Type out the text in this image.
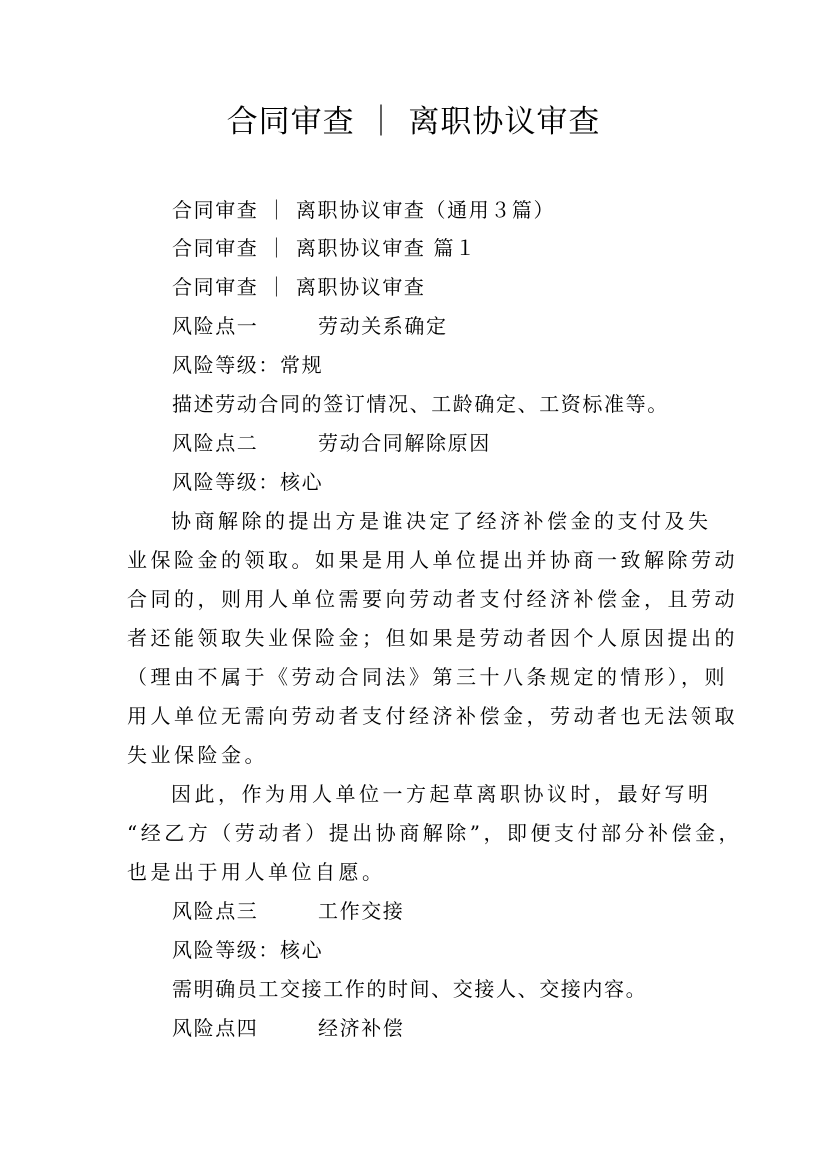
合同审查 ｜ 离职协议审查
合同审查 ｜ 离职协议审查（通用３篇）
合同审查 ｜ 离职协议审查 篇１
合同审查 ｜ 离职协议审查
风险点一	劳动关系确定
风险等级：常规
描述劳动合同的签订情况、工龄确定、工资标准等。
风险点二	劳动合同解除原因
风险等级：核心
协商解除的提出方是谁决定了经济补偿金的支付及失
业保险金的领取。如果是用人单位提出并协商一致解除劳动
合同的，则用人单位需要向劳动者支付经济补偿金，且劳动
者还能领取失业保险金；但如果是劳动者因个人原因提出的
（理由不属于《劳动合同法》第三十八条规定的情形），则
用人单位无需向劳动者支付经济补偿金，劳动者也无法领取
失业保险金。
因此，作为用人单位一方起草离职协议时，最好写明
“经乙方（劳动者）提出协商解除”，即便支付部分补偿金，
也是出于用人单位自愿。
风险点三	工作交接
风险等级：核心
需明确员工交接工作的时间、交接人、交接内容。
风险点四	经济补偿
